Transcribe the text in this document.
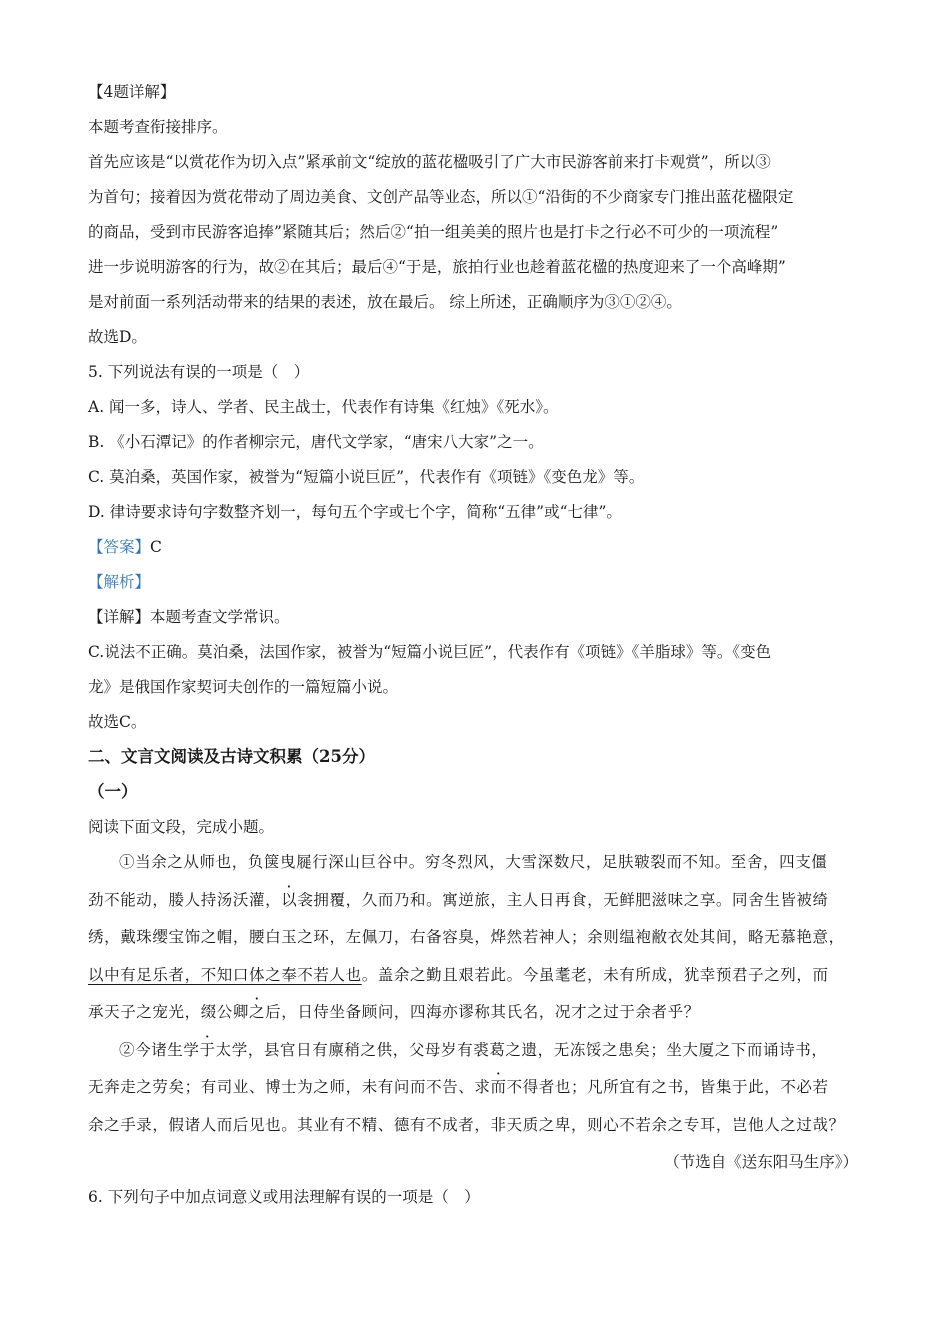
【4题详解】
本题考查衔接排序。
首先应该是“以赏花作为切入点”紧承前文“绽放的蓝花楹吸引了广大市民游客前来打卡观赏”，所以③
为首句；接着因为赏花带动了周边美食、文创产品等业态，所以①“沿街的不少商家专门推出蓝花楹限定
的商品，受到市民游客追捧”紧随其后；然后②“拍一组美美的照片也是打卡之行必不可少的一项流程”
进一步说明游客的行为，故②在其后；最后④“于是，旅拍行业也趁着蓝花楹的热度迎来了一个高峰期”
是对前面一系列活动带来的结果的表述，放在最后。 综上所述，正确顺序为③①②④。
故选D。
5. 下列说法有误的一项是（　）
A. 闻一多，诗人、学者、民主战士，代表作有诗集《红烛》《死水》。
B. 《小石潭记》的作者柳宗元，唐代文学家，“唐宋八大家”之一。
C. 莫泊桑，英国作家，被誉为“短篇小说巨匠”，代表作有《项链》《变色龙》等。
D. 律诗要求诗句字数整齐划一，每句五个字或七个字，简称“五律”或“七律”。
【答案】C
【解析】
【详解】本题考查文学常识。
C.说法不正确。莫泊桑，法国作家，被誉为“短篇小说巨匠”，代表作有《项链》《羊脂球》等。《变色
龙》是俄国作家契诃夫创作的一篇短篇小说。
故选C。
二、文言文阅读及古诗文积累（25分）
（一）
阅读下面文段，完成小题。
①当余之从师也，负箧曳屣行深山巨谷中。穷冬烈风，大雪深数尺，足肤皲裂而不知。至舍，四支僵
劲不能动，媵人持汤沃灌，以衾拥覆，久而乃和。寓逆旅，主人日再食，无鲜肥滋味之享。同舍生皆被绮
绣，戴珠缨宝饰之帽，腰白玉之环，左佩刀，右备容臭，烨然若神人；余则缊袍敝衣处其间，略无慕艳意，
以中有足乐者，不知口体之奉不若人也。盖余之勤且艰若此。今虽耄老，未有所成，犹幸预君子之列，而
承天子之宠光，缀公卿之后，日侍坐备顾问，四海亦谬称其氏名，况才之过于余者乎？
②今诸生学于太学，县官日有廪稍之供，父母岁有裘葛之遗，无冻馁之患矣；坐大厦之下而诵诗书，
无奔走之劳矣；有司业、博士为之师，未有问而不告、求而不得者也；凡所宜有之书，皆集于此，不必若
余之手录，假诸人而后见也。其业有不精、德有不成者，非天质之卑，则心不若余之专耳，岂他人之过哉？
（节选自《送东阳马生序》）
6. 下列句子中加点词意义或用法理解有误的一项是（　）
